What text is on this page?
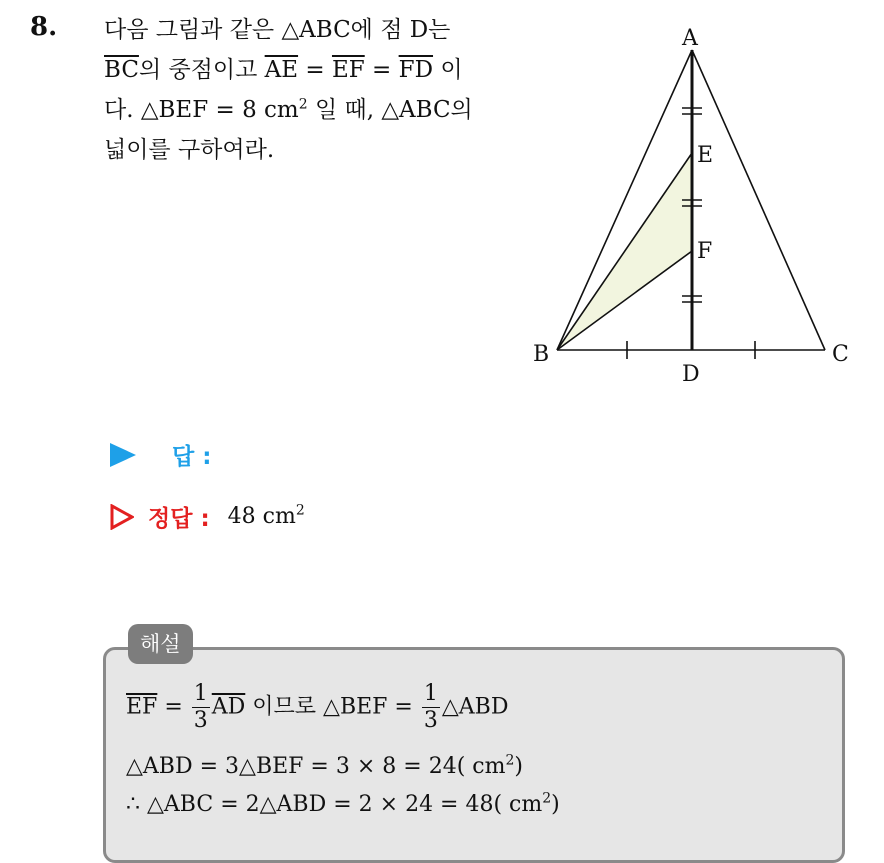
8. 다음 그림과 같은 △ABC에 점 D는
$\overline{BC}$의 중점이고 $\overline{AE} = \overline{EF} = \overline{FD}$ 이
다. △BEF = 8 $cm^2$ 일 때, △ABC의
넓이를 구하여라.
A
B	C
D
E
F
답 :
정답 : 48 $cm^2$
해설
$\overline{EF} = \frac{1}{3} \overline{AD}$ 이므로 △BEF = $\frac{1}{3}$ △ABD
△ABD = 3△BEF = 3 × 8 = 24( $cm^2$)
∴ △ABC = 2△ABD = 2 × 24 = 48( $cm^2$)
